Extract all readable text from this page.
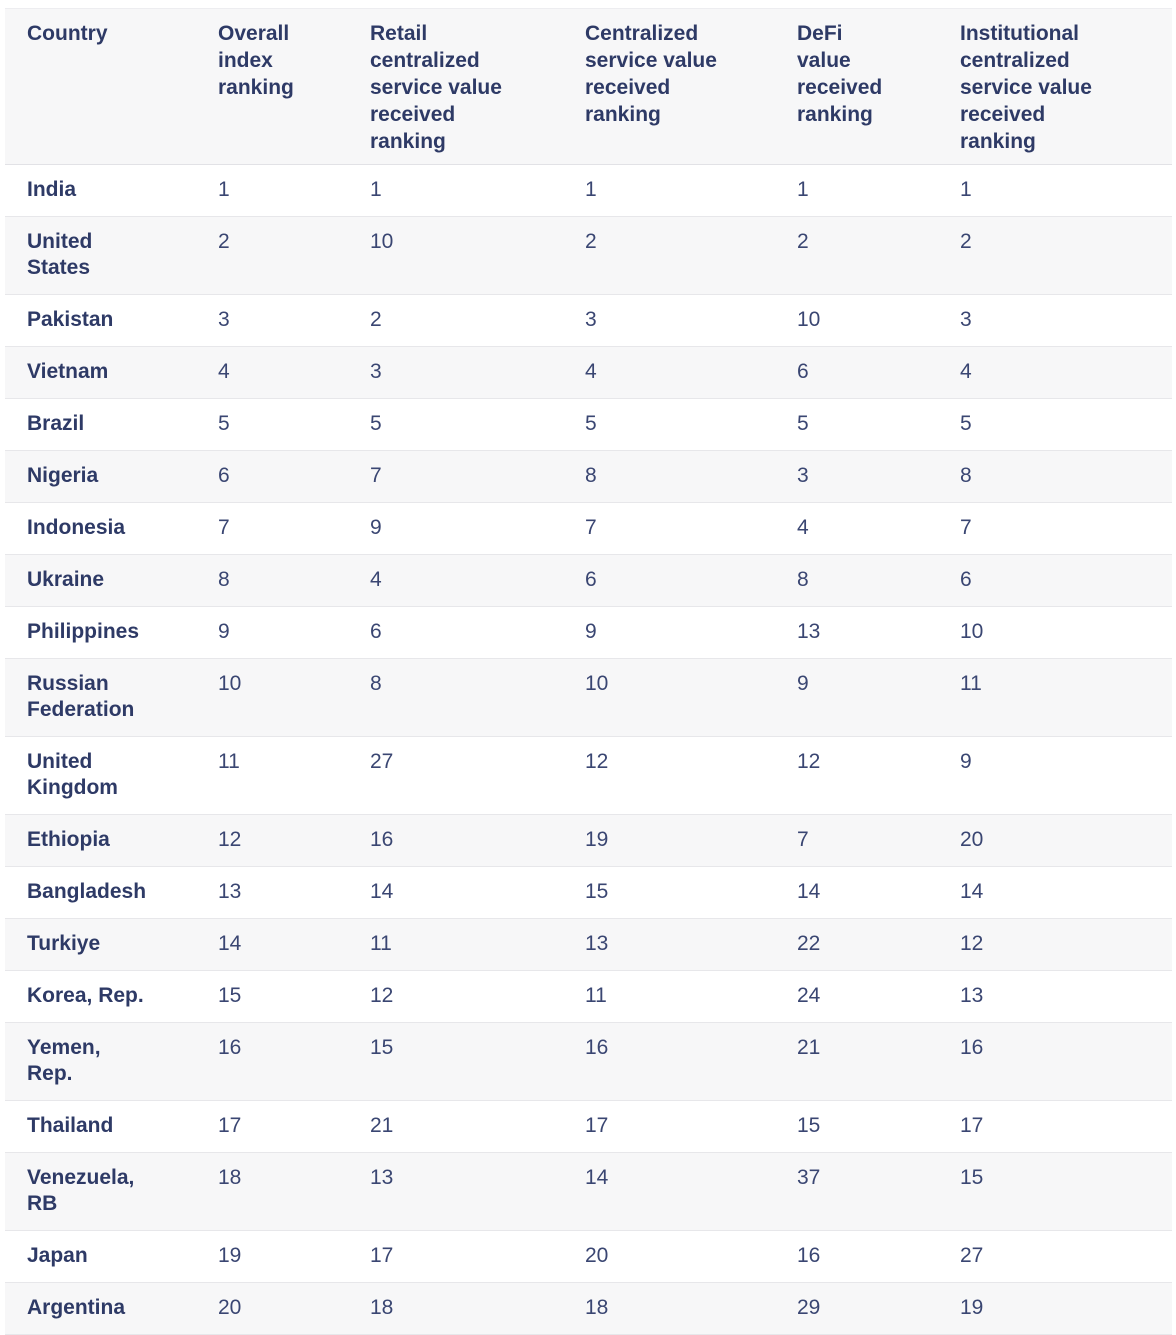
Country	Overall index ranking	Retail centralized service value received ranking	Centralized service value received ranking	DeFi value received ranking	Institutional centralized service value received ranking
India	1	1	1	1	1
United States	2	10	2	2	2
Pakistan	3	2	3	10	3
Vietnam	4	3	4	6	4
Brazil	5	5	5	5	5
Nigeria	6	7	8	3	8
Indonesia	7	9	7	4	7
Ukraine	8	4	6	8	6
Philippines	9	6	9	13	10
Russian Federation	10	8	10	9	11
United Kingdom	11	27	12	12	9
Ethiopia	12	16	19	7	20
Bangladesh	13	14	15	14	14
Turkiye	14	11	13	22	12
Korea, Rep.	15	12	11	24	13
Yemen, Rep.	16	15	16	21	16
Thailand	17	21	17	15	17
Venezuela, RB	18	13	14	37	15
Japan	19	17	20	16	27
Argentina	20	18	18	29	19
